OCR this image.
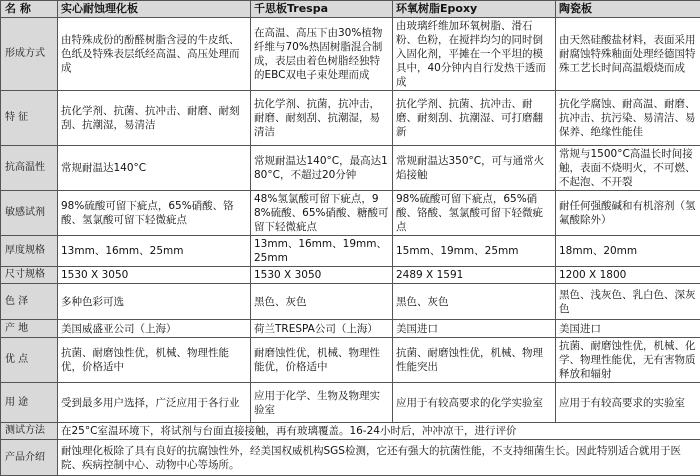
名 称	实心耐蚀理化板	千思板Trespa	环氧树脂Epoxy	陶瓷板
形成方式	由特殊成份的酚醛树脂含浸的牛皮纸、色纸及特殊表层纸经高温、高压处理而成	在高温、高压下由30%植物纤维与70%热固树脂混合制成，表层由着色树脂经独特的EBC双电子束处理而成	由玻璃纤维加环氧树脂、滑石粉、色粉，在搅拌均匀的同时倒入固化剂，平摊在一个平坦的模具中，40分钟内自行发热干透而成	由天然硅酸盐材料，表面采用耐腐蚀特殊釉面处理经德国特殊工艺长时间高温煅烧而成
特 征	抗化学剂、抗菌、抗冲击、耐磨、耐刻刮、抗潮湿，易清洁	抗化学剂、抗菌，抗冲击，耐磨、耐刻刮、抗潮湿，易清洁	抗化学剂、抗菌、抗冲击、耐磨、耐刻刮、抗潮湿、可打磨翻新	抗化学腐蚀、耐高温、耐磨、抗冲击、抗污染、易清洁、易保养、绝缘性能佳
抗高温性	常规耐温达140°C	常规耐温达140°C，最高达180°C，不超过20分钟	常规耐温达350°C，可与通常火焰接触	常规与1500°C高温长时间接触，表面不烧明火，不可燃、不起泡、不开裂
敏感试剂	98%硫酸可留下疵点，65%硝酸、铬酸、氢氯酸可留下轻微疵点	48%氢氯酸可留下疵点，98%硫酸、65%硝酸、糖酸可留下轻微疵点	98%硫酸可留下疵点，65%硝酸、铬酸、氢氯酸可留下轻微疵点	耐任何强酸碱和有机溶剂（氢氟酸除外）
厚度规格	13mm、16mm、25mm	13mm、16mm、19mm、25mm	15mm、19mm、25mm	18mm、20mm
尺寸规格	1530 X 3050	1530 X 3050	2489 X 1591	1200 X 1800
色 泽	多种色彩可选	黑色、灰色	黑色、灰色	黑色、浅灰色、乳白色、深灰色
产 地	美国威盛亚公司（上海）	荷兰TRESPA公司（上海）	美国进口	美国进口
优 点	抗菌、耐磨蚀性优，机械、物理性能优，价格适中	耐磨蚀性优，机械、物理性能优，价格适中	抗菌、耐磨蚀性优，机械、物理性能突出	抗菌、耐磨蚀性优，机械、化学、物理性能优，无有害物质释放和辐射
用 途	受到最多用户选择，广泛应用于各行业	应用于化学、生物及物理实验室	应用于有较高要求的化学实验室	应用于有较高要求的实验室
测试方法	在25°C室温环境下，将试剂与台面直接接触，再有玻璃覆盖。16-24小时后，冲冲凉干，进行评价			
产品介绍	耐蚀理化板除了具有良好的抗腐蚀性外，经美国权威机构SGS检测，它还有强大的抗菌性能，不支持细菌生长。因此特别适合就用于医院、疾病控制中心、动物中心等场所。			
